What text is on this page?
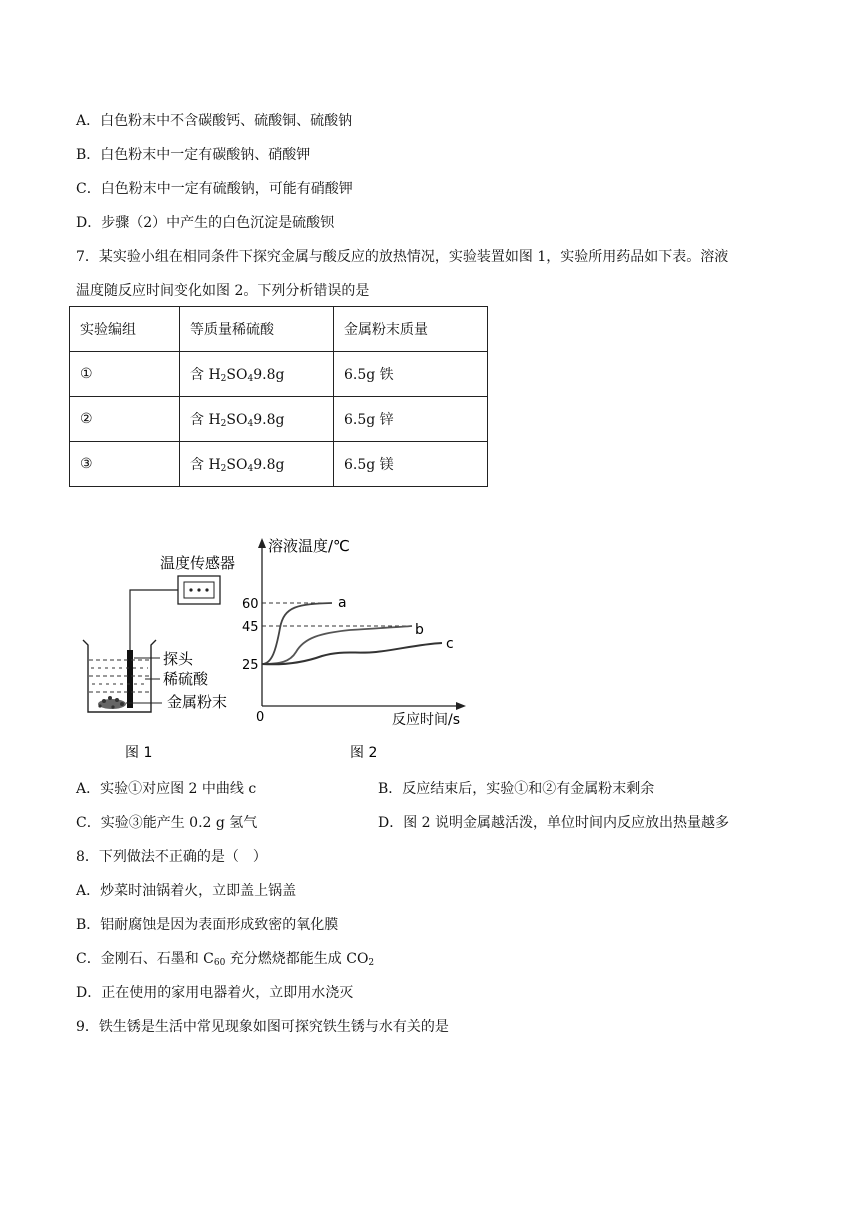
A．白色粉末中不含碳酸钙、硫酸铜、硫酸钠
B．白色粉末中一定有碳酸钠、硝酸钾
C．白色粉末中一定有硫酸钠，可能有硝酸钾
D．步骤（2）中产生的白色沉淀是硫酸钡
7．某实验小组在相同条件下探究金属与酸反应的放热情况，实验装置如图 1，实验所用药品如下表。溶液
温度随反应时间变化如图 2。下列分析错误的是
实验编组	等质量稀硫酸	金属粉末质量
①	含 $H_2SO_49.8g$	6.5g 铁
②	含 $H_2SO_49.8g$	6.5g 锌
③	含 $H_2SO_49.8g$	6.5g 镁
温度传感器
探头
稀硫酸
金属粉末
图 1
溶液温度/℃
反应时间/s
0
60
45
25
a
b
c
图 2
A．实验①对应图 2 中曲线 c	B．反应结束后，实验①和②有金属粉末剩余
C．实验③能产生 0.2 g 氢气	D．图 2 说明金属越活泼，单位时间内反应放出热量越多
8．下列做法不正确的是（　）
A．炒菜时油锅着火，立即盖上锅盖
B．铝耐腐蚀是因为表面形成致密的氧化膜
C．金刚石、石墨和 $C_{60}$ 充分燃烧都能生成 $CO_2$
D．正在使用的家用电器着火，立即用水浇灭
9．铁生锈是生活中常见现象如图可探究铁生锈与水有关的是
